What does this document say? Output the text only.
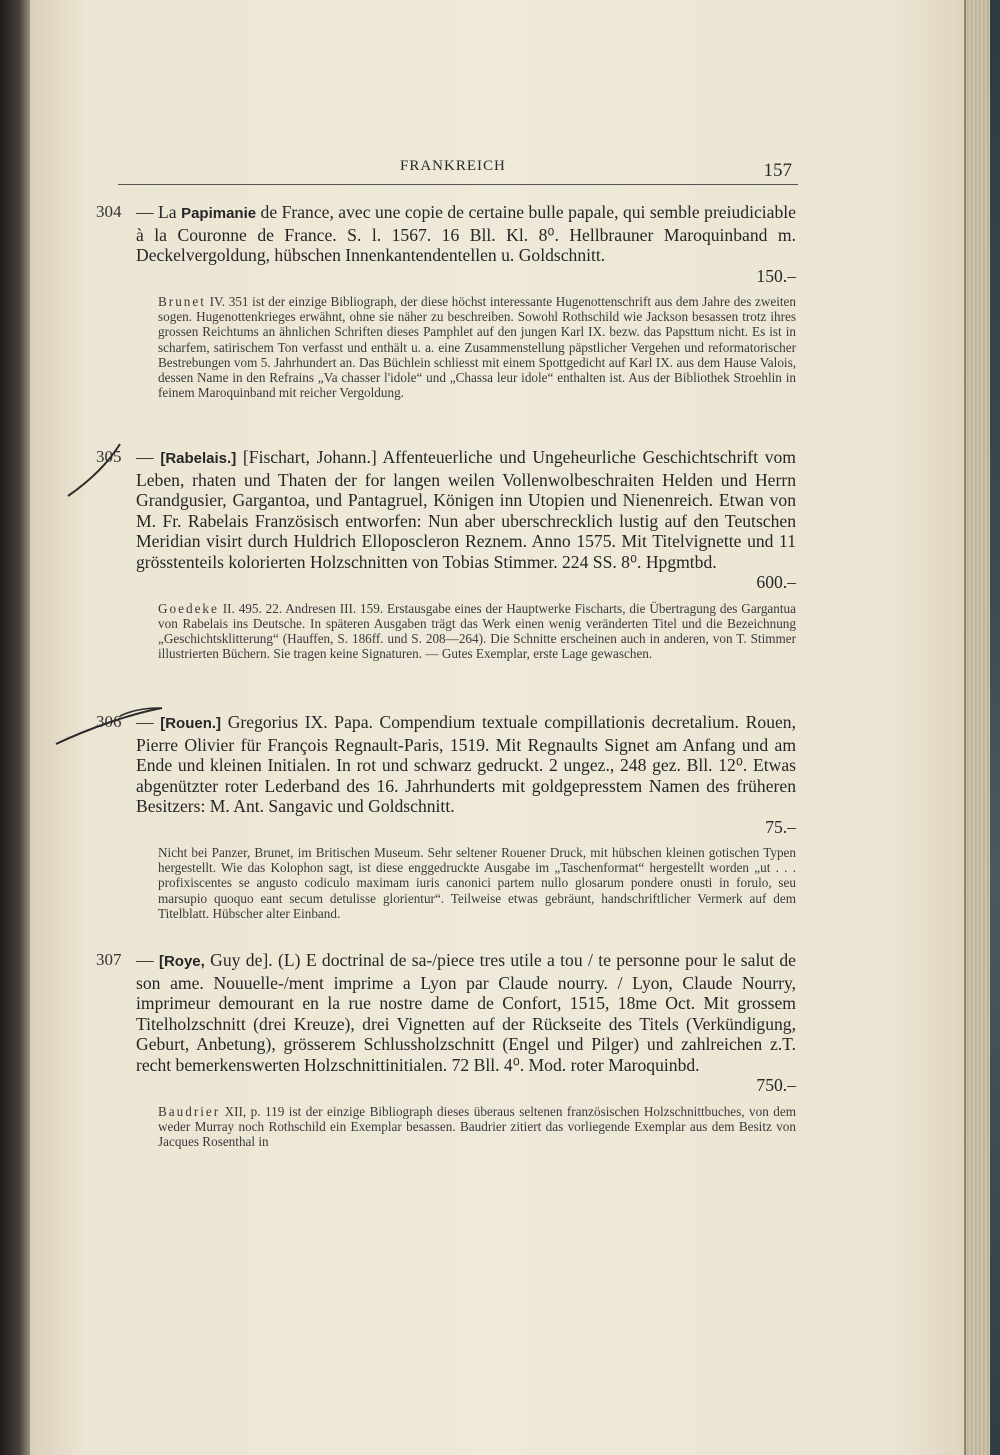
FRANKREICH	157
304 — La Papimanie de France, avec une copie de certaine bulle papale, qui semble preiudiciable à la Couronne de France. S. l. 1567. 16 Bll. Kl. 8⁰. Hellbrauner Maroquinband m. Deckelvergoldung, hübschen Innenkantendentellen u. Goldschnitt.
150.–
Brunet IV. 351 ist der einzige Bibliograph, der diese höchst interessante Hugenottenschrift aus dem Jahre des zweiten sogen. Hugenottenkrieges erwähnt, ohne sie näher zu beschreiben. Sowohl Rothschild wie Jackson besassen trotz ihres grossen Reichtums an ähnlichen Schriften dieses Pamphlet auf den jungen Karl IX. bezw. das Papsttum nicht. Es ist in scharfem, satirischem Ton verfasst und enthält u. a. eine Zusammenstellung päpstlicher Vergehen und reformatorischer Bestrebungen vom 5. Jahrhundert an. Das Büchlein schliesst mit einem Spottgedicht auf Karl IX. aus dem Hause Valois, dessen Name in den Refrains „Va chasser l'idole“ und „Chassa leur idole“ enthalten ist. Aus der Bibliothek Stroehlin in feinem Maroquinband mit reicher Vergoldung.
305 — [Rabelais.] [Fischart, Johann.] Affenteuerliche und Ungeheurliche Geschichtschrift vom Leben, rhaten und Thaten der for langen weilen Vollenwolbeschraiten Helden und Herrn Grandgusier, Gargantoa, und Pantagruel, Königen inn Utopien und Nienenreich. Etwan von M. Fr. Rabelais Französisch entworfen: Nun aber uberschrecklich lustig auf den Teutschen Meridian visirt durch Huldrich Elloposcleron Reznem. Anno 1575. Mit Titelvignette und 11 grösstenteils kolorierten Holzschnitten von Tobias Stimmer. 224 SS. 8⁰. Hpgmtbd.
600.–
Goedeke II. 495. 22. Andresen III. 159. Erstausgabe eines der Hauptwerke Fischarts, die Übertragung des Gargantua von Rabelais ins Deutsche. In späteren Ausgaben trägt das Werk einen wenig veränderten Titel und die Bezeichnung „Geschichtsklitterung“ (Hauffen, S. 186ff. und S. 208—264). Die Schnitte erscheinen auch in anderen, von T. Stimmer illustrierten Büchern. Sie tragen keine Signaturen. — Gutes Exemplar, erste Lage gewaschen.
306 — [Rouen.] Gregorius IX. Papa. Compendium textuale compillationis decretalium. Rouen, Pierre Olivier für François Regnault-Paris, 1519. Mit Regnaults Signet am Anfang und am Ende und kleinen Initialen. In rot und schwarz gedruckt. 2 ungez., 248 gez. Bll. 12⁰. Etwas abgenützter roter Lederband des 16. Jahrhunderts mit goldgepresstem Namen des früheren Besitzers: M. Ant. Sangavic und Goldschnitt.
75.–
Nicht bei Panzer, Brunet, im Britischen Museum. Sehr seltener Rouener Druck, mit hübschen kleinen gotischen Typen hergestellt. Wie das Kolophon sagt, ist diese enggedruckte Ausgabe im „Taschenformat“ hergestellt worden „ut . . . profixiscentes se angusto codiculo maximam iuris canonici partem nullo glosarum pondere onusti in forulo, seu marsupio quoquo eant secum detulisse glorientur“. Teilweise etwas gebräunt, handschriftlicher Vermerk auf dem Titelblatt. Hübscher alter Einband.
307 — [Roye, Guy de]. (L) E doctrinal de sa-/piece tres utile a tou / te personne pour le salut de son ame. Nouuelle-/ment imprime a Lyon par Claude nourry. / Lyon, Claude Nourry, imprimeur demourant en la rue nostre dame de Confort, 1515, 18me Oct. Mit grossem Titelholzschnitt (drei Kreuze), drei Vignetten auf der Rückseite des Titels (Verkündigung, Geburt, Anbetung), grösserem Schlussholzschnitt (Engel und Pilger) und zahlreichen z.T. recht bemerkenswerten Holzschnittinitialen. 72 Bll. 4⁰. Mod. roter Maroquinbd.
750.–
Baudrier XII, p. 119 ist der einzige Bibliograph dieses überaus seltenen französischen Holzschnittbuches, von dem weder Murray noch Rothschild ein Exemplar besassen. Baudrier zitiert das vorliegende Exemplar aus dem Besitz von Jacques Rosenthal in
